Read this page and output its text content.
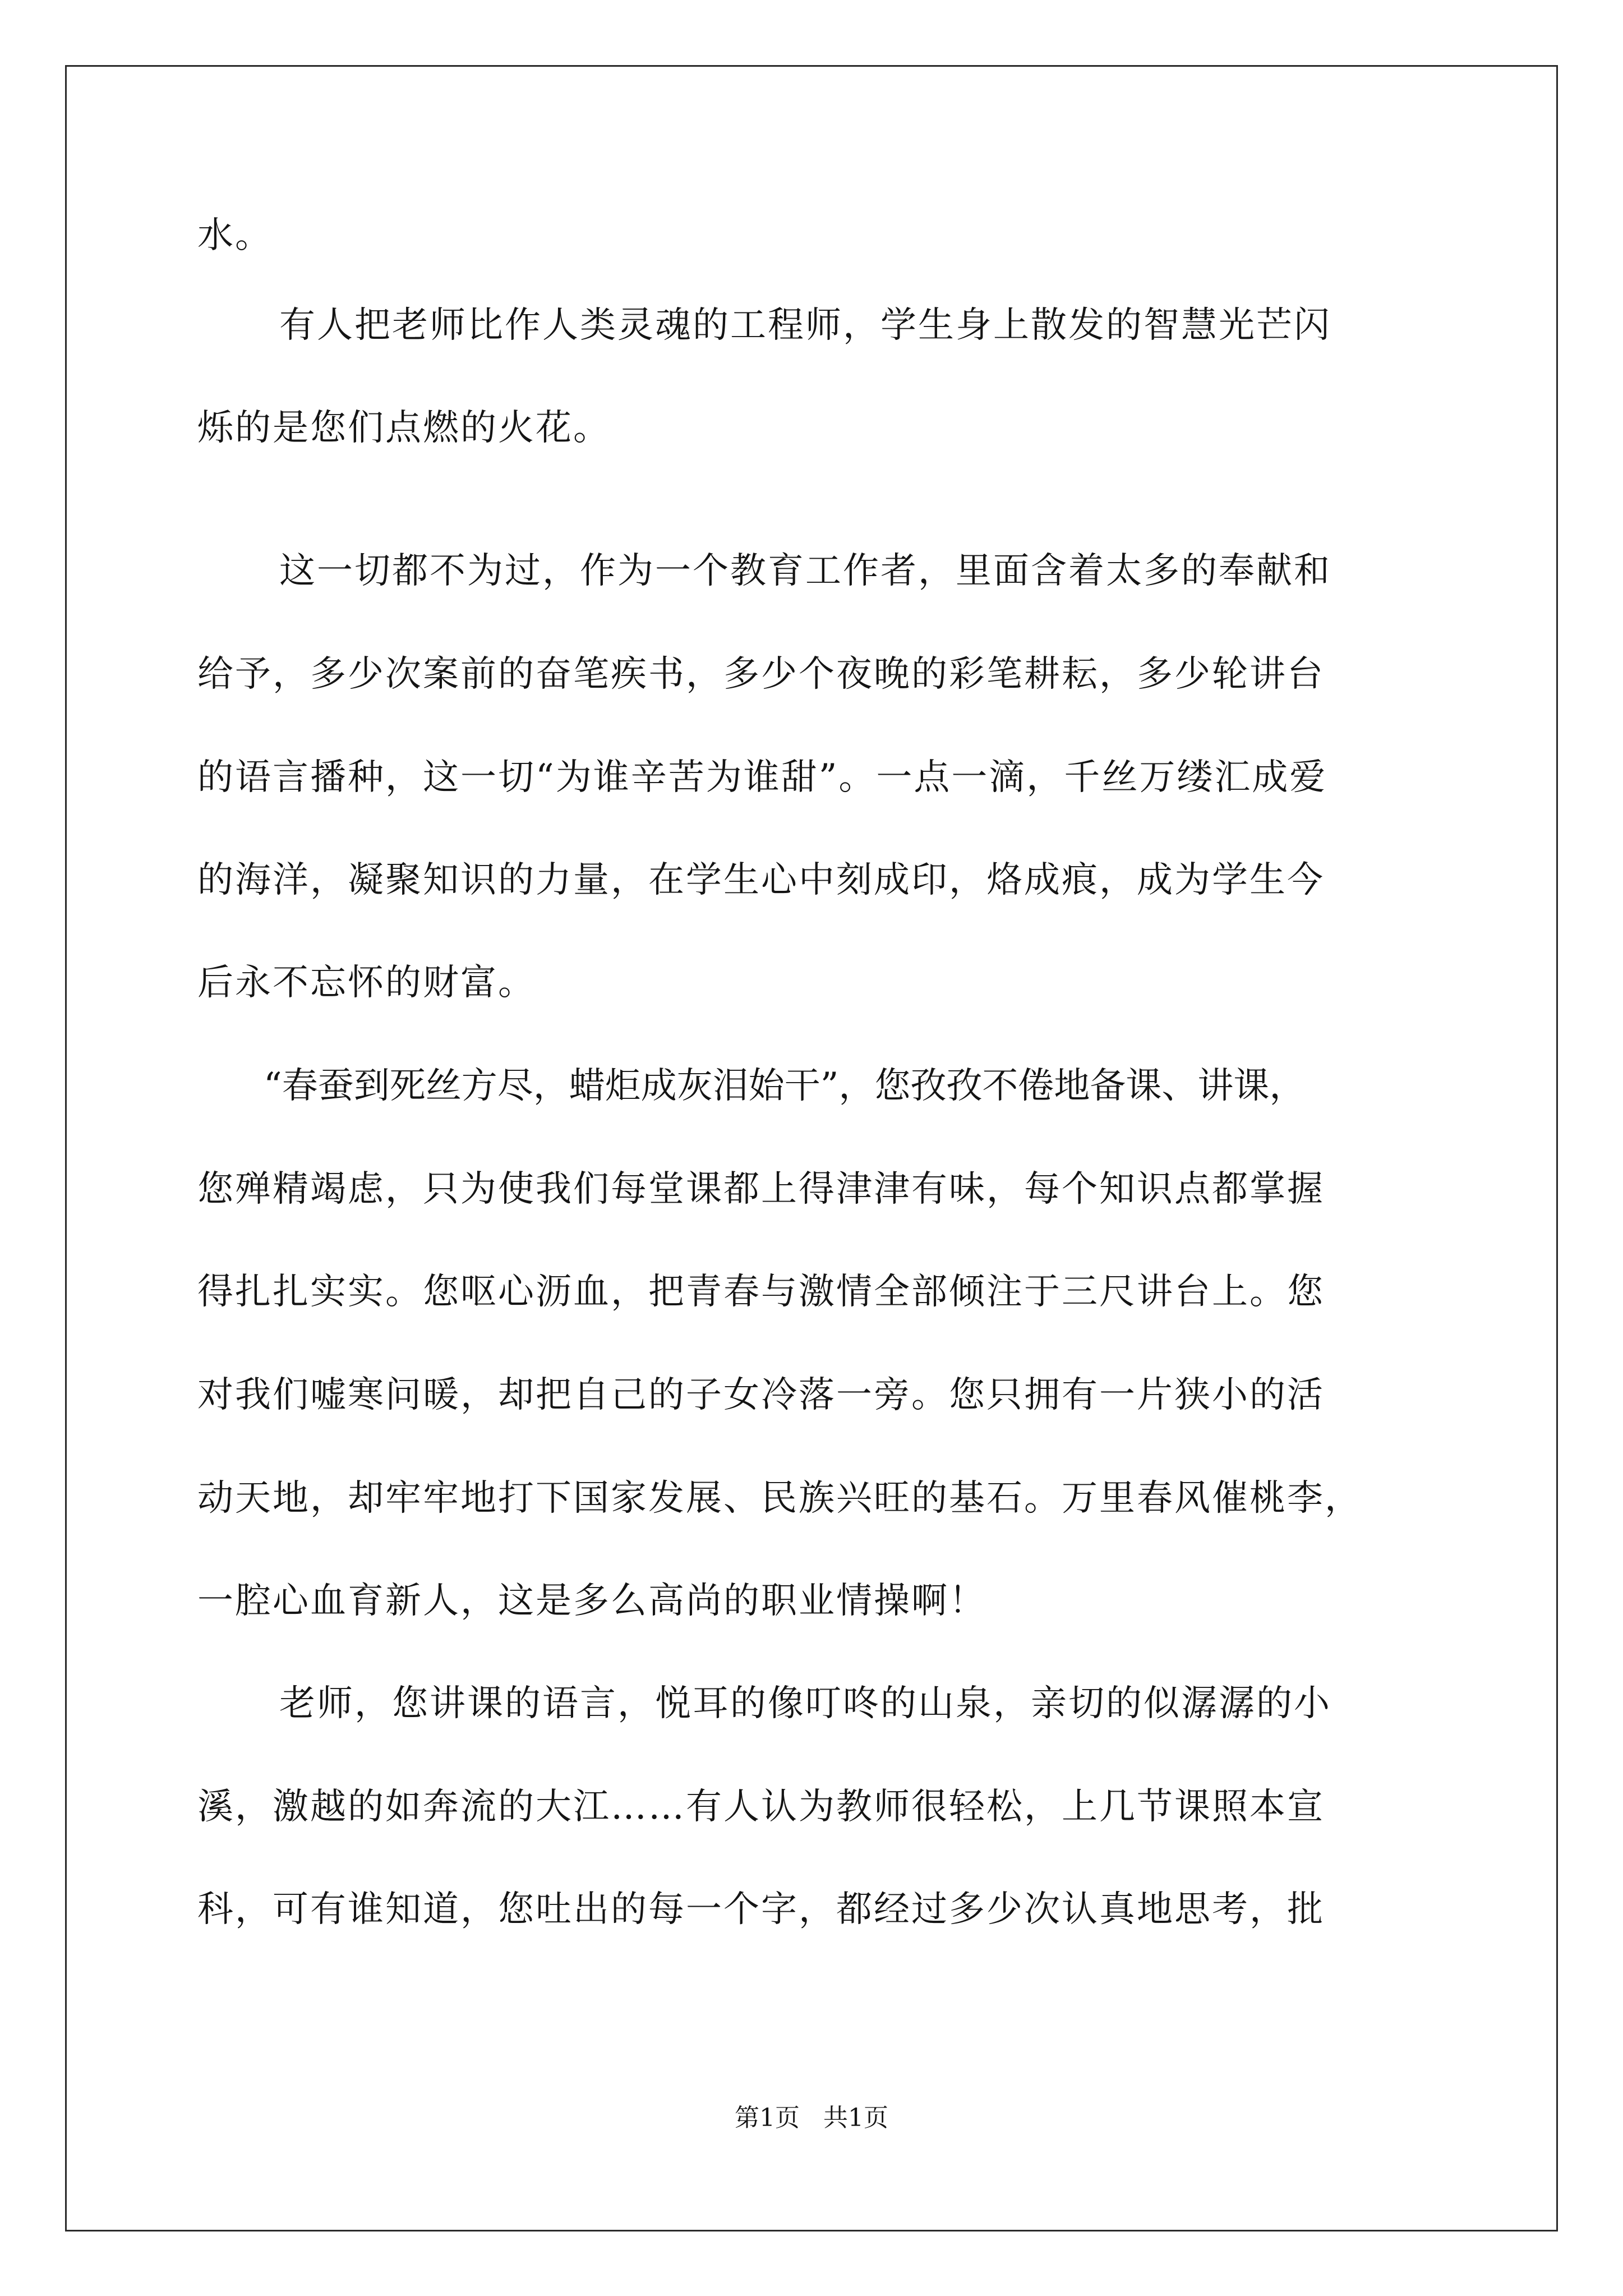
水。
有人把老师比作人类灵魂的工程师，学生身上散发的智慧光芒闪
烁的是您们点燃的火花。
这一切都不为过，作为一个教育工作者，里面含着太多的奉献和
给予，多少次案前的奋笔疾书，多少个夜晚的彩笔耕耘，多少轮讲台
的语言播种，这一切“为谁辛苦为谁甜”。一点一滴，千丝万缕汇成爱
的海洋，凝聚知识的力量，在学生心中刻成印，烙成痕，成为学生今
后永不忘怀的财富。
“春蚕到死丝方尽，蜡炬成灰泪始干”，您孜孜不倦地备课、讲课，
您殚精竭虑，只为使我们每堂课都上得津津有味，每个知识点都掌握
得扎扎实实。您呕心沥血，把青春与激情全部倾注于三尺讲台上。您
对我们嘘寒问暖，却把自己的子女冷落一旁。您只拥有一片狭小的活
动天地，却牢牢地打下国家发展、民族兴旺的基石。万里春风催桃李，
一腔心血育新人，这是多么高尚的职业情操啊！
老师，您讲课的语言，悦耳的像叮咚的山泉，亲切的似潺潺的小
溪，激越的如奔流的大江……有人认为教师很轻松，上几节课照本宣
科，可有谁知道，您吐出的每一个字，都经过多少次认真地思考，批
第1页   共1页
